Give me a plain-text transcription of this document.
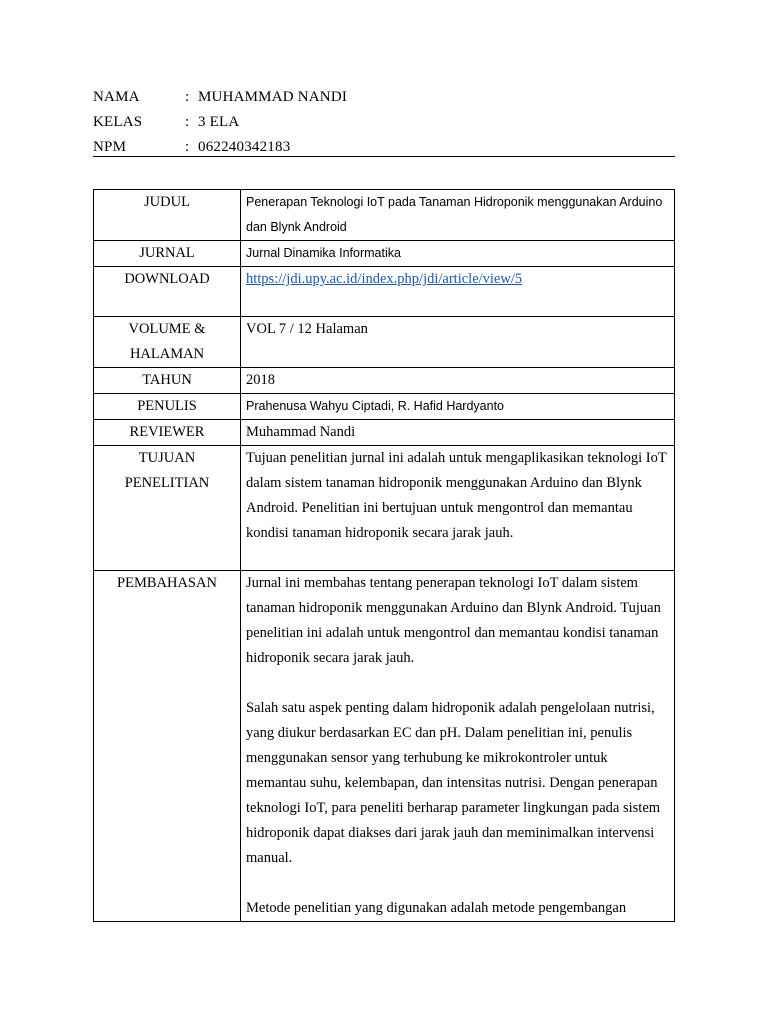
NAMA	: MUHAMMAD NANDI
KELAS	: 3 ELA
NPM	: 062240342183
JUDUL	Penerapan Teknologi IoT pada Tanaman Hidroponik menggunakan Arduino dan Blynk Android
JURNAL	Jurnal Dinamika Informatika
DOWNLOAD	https://jdi.upy.ac.id/index.php/jdi/article/view/5

VOLUME &
HALAMAN	VOL 7 / 12 Halaman
TAHUN	2018
PENULIS	Prahenusa Wahyu Ciptadi, R. Hafid Hardyanto
REVIEWER	Muhammad Nandi

TUJUAN
PENELITIAN	Tujuan penelitian jurnal ini adalah untuk mengaplikasikan teknologi IoT dalam sistem tanaman hidroponik menggunakan Arduino dan Blynk Android. Penelitian ini bertujuan untuk mengontrol dan memantau kondisi tanaman hidroponik secara jarak jauh.
PEMBAHASAN	Jurnal ini membahas tentang penerapan teknologi IoT dalam sistem tanaman hidroponik menggunakan Arduino dan Blynk Android. Tujuan penelitian ini adalah untuk mengontrol dan memantau kondisi tanaman hidroponik secara jarak jauh.

Salah satu aspek penting dalam hidroponik adalah pengelolaan nutrisi, yang diukur berdasarkan EC dan pH. Dalam penelitian ini, penulis menggunakan sensor yang terhubung ke mikrokontroler untuk memantau suhu, kelembapan, dan intensitas nutrisi. Dengan penerapan teknologi IoT, para peneliti berharap parameter lingkungan pada sistem hidroponik dapat diakses dari jarak jauh dan meminimalkan intervensi manual.

Metode penelitian yang digunakan adalah metode pengembangan
